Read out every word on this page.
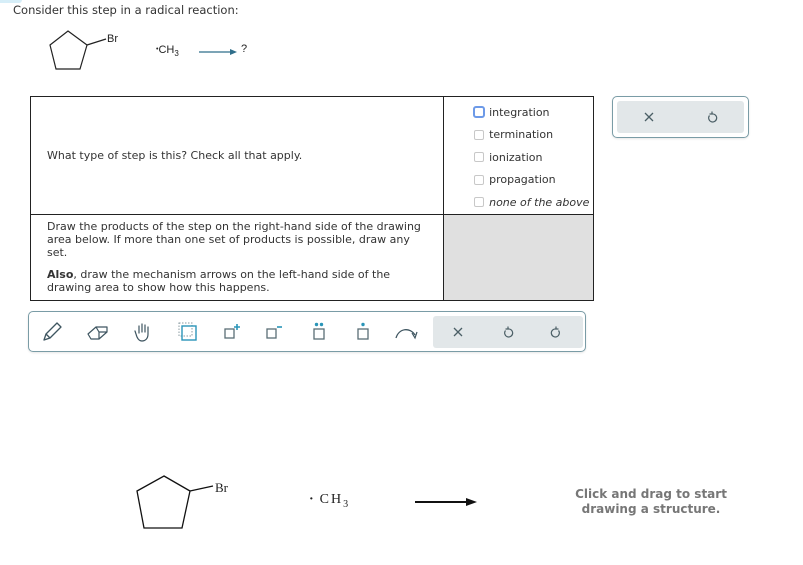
Consider this step in a radical reaction:
Br
$•CH_3$	?
What type of step is this? Check all that apply.	integration
termination
ionization
propagation
none of the above

Draw the products of the step on the right-hand side of the drawing area below. If more than one set of products is possible, draw any set.

Also, draw the mechanism arrows on the left-hand side of the drawing area to show how this happens.	

Br
· $CH_3$
Click and drag to start drawing a structure.
